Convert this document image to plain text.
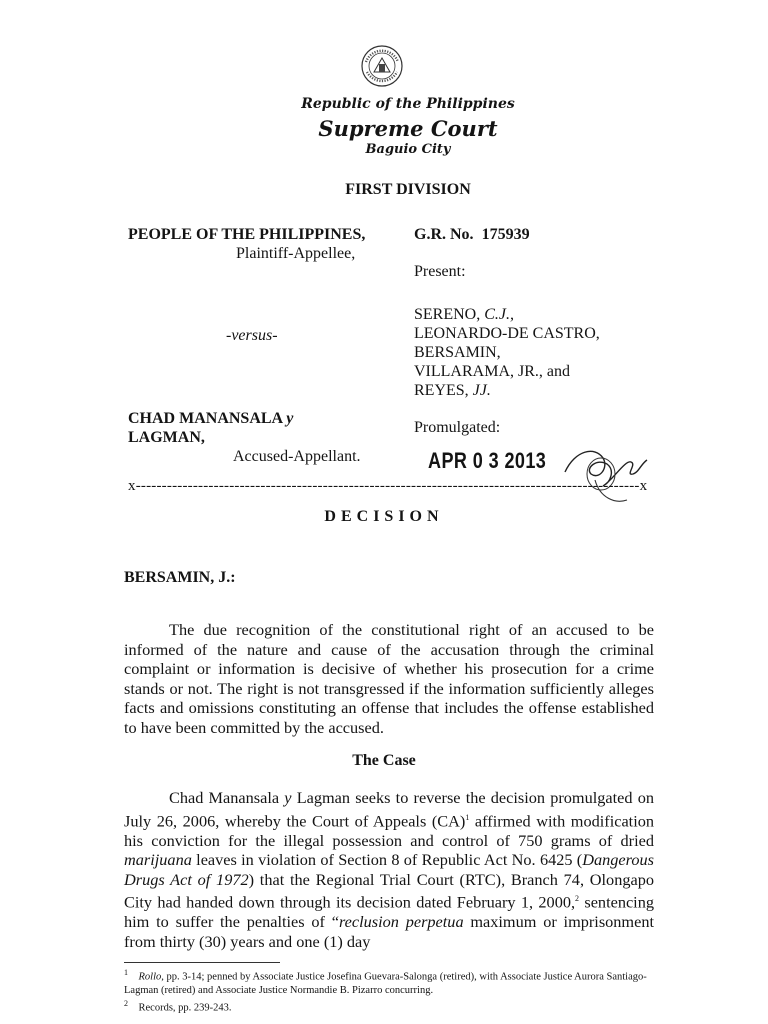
Republic of the Philippines
Supreme Court
Baguio City
FIRST DIVISION
PEOPLE OF THE PHILIPPINES,
Plaintiff-Appellee,
-versus-
CHAD MANANSALA y
LAGMAN,
Accused-Appellant.
G.R. No. 175939
Present:
SERENO, C.J.,
LEONARDO-DE CASTRO,
BERSAMIN,
VILLARAMA, JR., and
REYES, JJ.
Promulgated:
APR 0 3 2013
x-------------------------------------------------------------------------------------------------x
DECISION
BERSAMIN, J.:

The due recognition of the constitutional right of an accused to be informed of the nature and cause of the accusation through the criminal complaint or information is decisive of whether his prosecution for a crime stands or not. The right is not transgressed if the information sufficiently alleges facts and omissions constituting an offense that includes the offense established to have been committed by the accused.

The Case

Chad Manansala y Lagman seeks to reverse the decision promulgated on July 26, 2006, whereby the Court of Appeals (CA)$^1$ affirmed with modification his conviction for the illegal possession and control of 750 grams of dried marijuana leaves in violation of Section 8 of Republic Act No. 6425 (Dangerous Drugs Act of 1972) that the Regional Trial Court (RTC), Branch 74, Olongapo City had handed down through its decision dated February 1, 2000,$^2$ sentencing him to suffer the penalties of “reclusion perpetua maximum or imprisonment from thirty (30) years and one (1) day

$^1$ Rollo, pp. 3-14; penned by Associate Justice Josefina Guevara-Salonga (retired), with Associate Justice Aurora Santiago-Lagman (retired) and Associate Justice Normandie B. Pizarro concurring.

$^2$ Records, pp. 239-243.
